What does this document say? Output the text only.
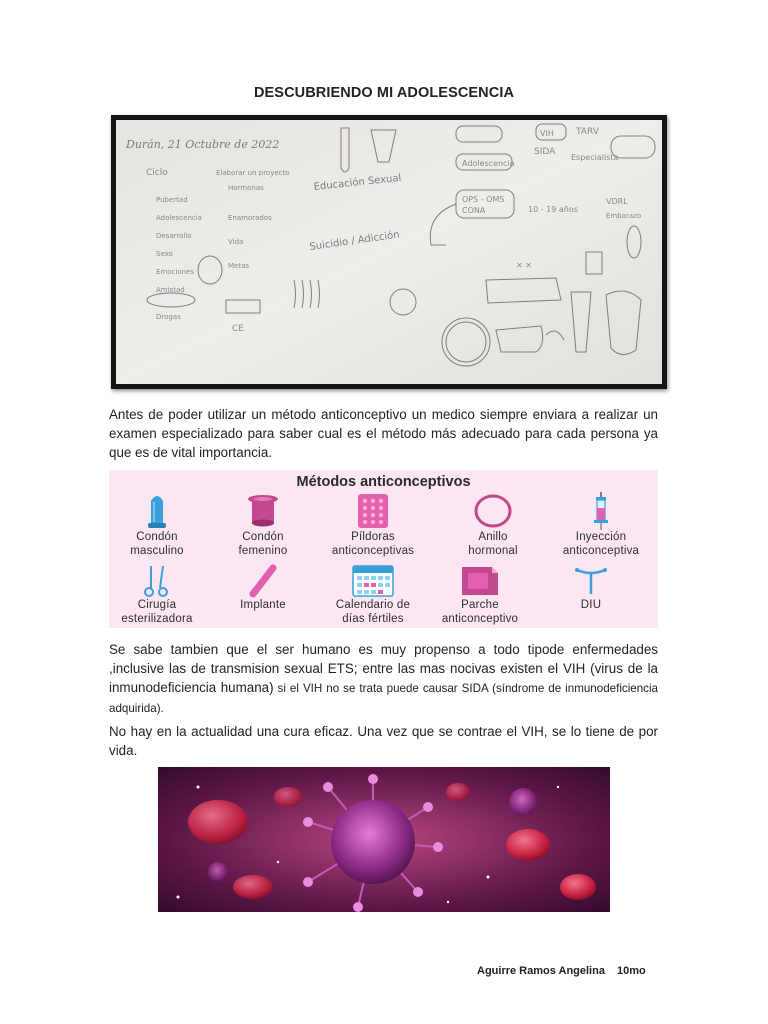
DESCUBRIENDO MI ADOLESCENCIA
Durán, 21 Octubre de 2022
Ciclo	Elaborar un proyecto
Pubertad
Adolescencia
Desarrollo
Sexo
Emociones
Amistad
Drogas
Hormonas
Enamorados
Vida
Metas
CE
Educación Sexual
Suicidio / Adicción
Adolescencia
OPS - OMS
CONA	10 - 19 años
VIH
SIDA
TARV
Especialista
VDRL
Embarazo
✕ ✕

Antes de poder utilizar un método anticonceptivo un medico siempre enviara a realizar un examen especializado para saber cual es el método más adecuado para cada persona ya que es de vital importancia.

Métodos anticonceptivos
Condón
masculino
Condón
femenino
Píldoras
anticonceptivas
Anillo
hormonal
Inyección
anticonceptiva
Cirugía
esterilizadora
Implante	Calendario de
días fértiles
Parche
anticonceptivo
DIU

Se sabe tambien que el ser humano es muy propenso a todo tipode enfermedades ,inclusive las de transmision sexual ETS; entre las mas nocivas existen el VIH (virus de la inmunodeficiencia humana) si el VIH no se trata puede causar SIDA (síndrome de inmunodeficiencia adquirida).

No hay en la actualidad una cura eficaz. Una vez que se contrae el VIH, se lo tiene de por vida.

Aguirre Ramos Angelina 10mo
